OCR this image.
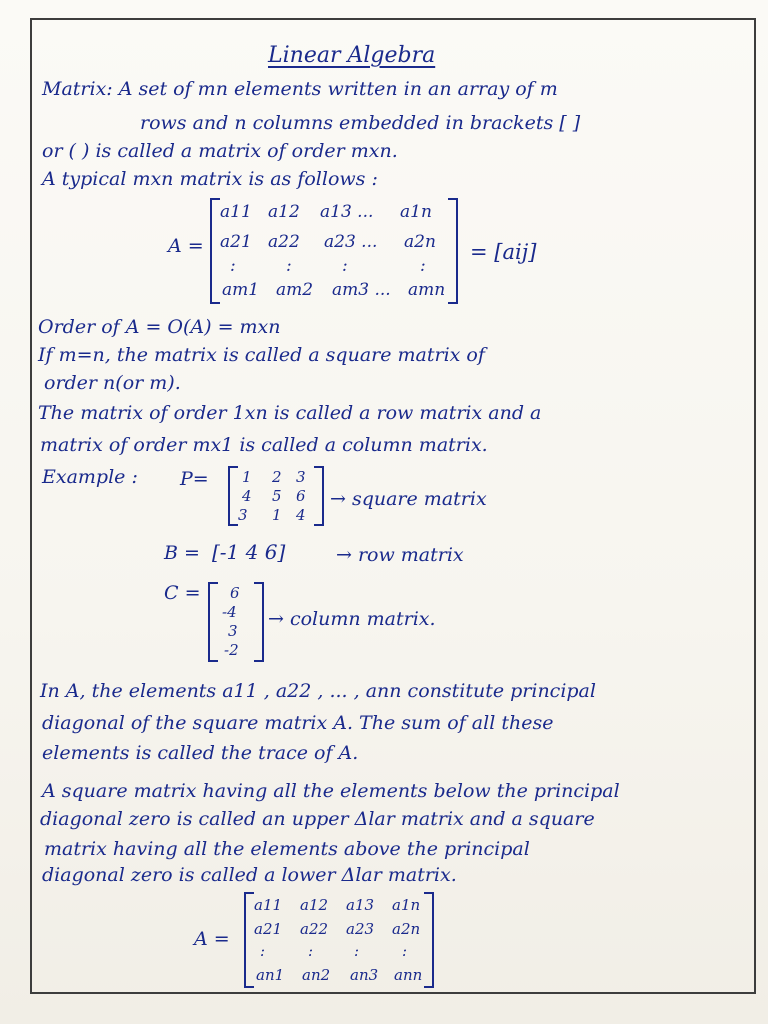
Linear Algebra
Matrix: A set of mn elements written in an array of m
rows and n columns embedded in brackets [ ]
or ( ) is called a matrix of order mxn.
A typical mxn matrix is as follows :
A =
a11 a12 a13 ... a1n
a21 a22 a23 ... a2n
:	:	:	:
am1 am2 am3 ... amn
= [aij]
Order of A = O(A) = mxn
If m=n, the matrix is called a square matrix of
order n(or m).
The matrix of order 1xn is called a row matrix and a
matrix of order mx1 is called a column matrix.
Example : P= 1 2 3
4 5 6
3 1 4
→ square matrix
B = [-1 4 6]	→ row matrix
C = 6
-4
3
-2
→ column matrix.
In A, the elements a11 , a22 , ... , ann constitute principal
diagonal of the square matrix A. The sum of all these
elements is called the trace of A.
A square matrix having all the elements below the principal
diagonal zero is called an upper Δlar matrix and a square
matrix having all the elements above the principal
diagonal zero is called a lower Δlar matrix.
A =
a11 a12 a13 a1n
a21 a22 a23 a2n
:	:	:	:
an1 an2 an3 ann
